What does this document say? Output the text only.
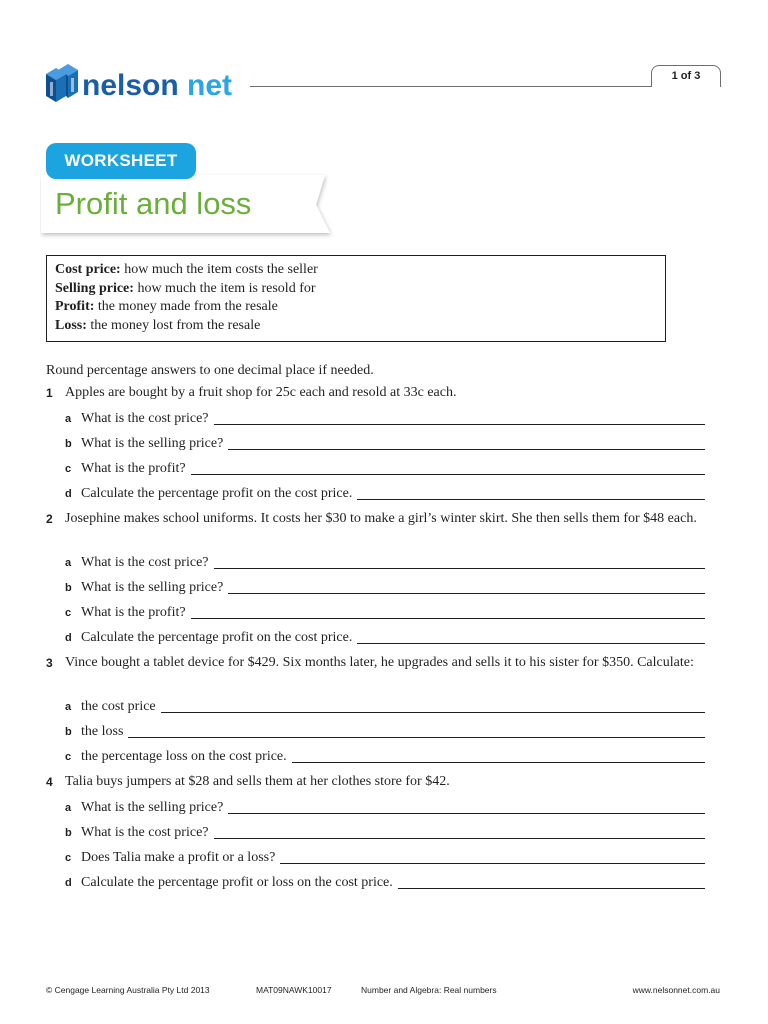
nelson net	1 of 3
WORKSHEET
Profit and loss
Cost price: how much the item costs the seller
Selling price: how much the item is resold for
Profit: the money made from the resale
Loss: the money lost from the resale
Round percentage answers to one decimal place if needed.
1 Apples are bought by a fruit shop for 25c each and resold at 33c each.
a What is the cost price?
b What is the selling price?
c What is the profit?
d Calculate the percentage profit on the cost price.
2 Josephine makes school uniforms. It costs her $30 to make a girl’s winter skirt. She then sells them for $48 each.
a What is the cost price?
b What is the selling price?
c What is the profit?
d Calculate the percentage profit on the cost price.
3 Vince bought a tablet device for $429. Six months later, he upgrades and sells it to his sister for $350. Calculate:
a the cost price
b the loss
c the percentage loss on the cost price.
4 Talia buys jumpers at $28 and sells them at her clothes store for $42.
a What is the selling price?
b What is the cost price?
c Does Talia make a profit or a loss?
d Calculate the percentage profit or loss on the cost price.
© Cengage Learning Australia Pty Ltd 2013	MAT09NAWK10017	Number and Algebra: Real numbers	www.nelsonnet.com.au
